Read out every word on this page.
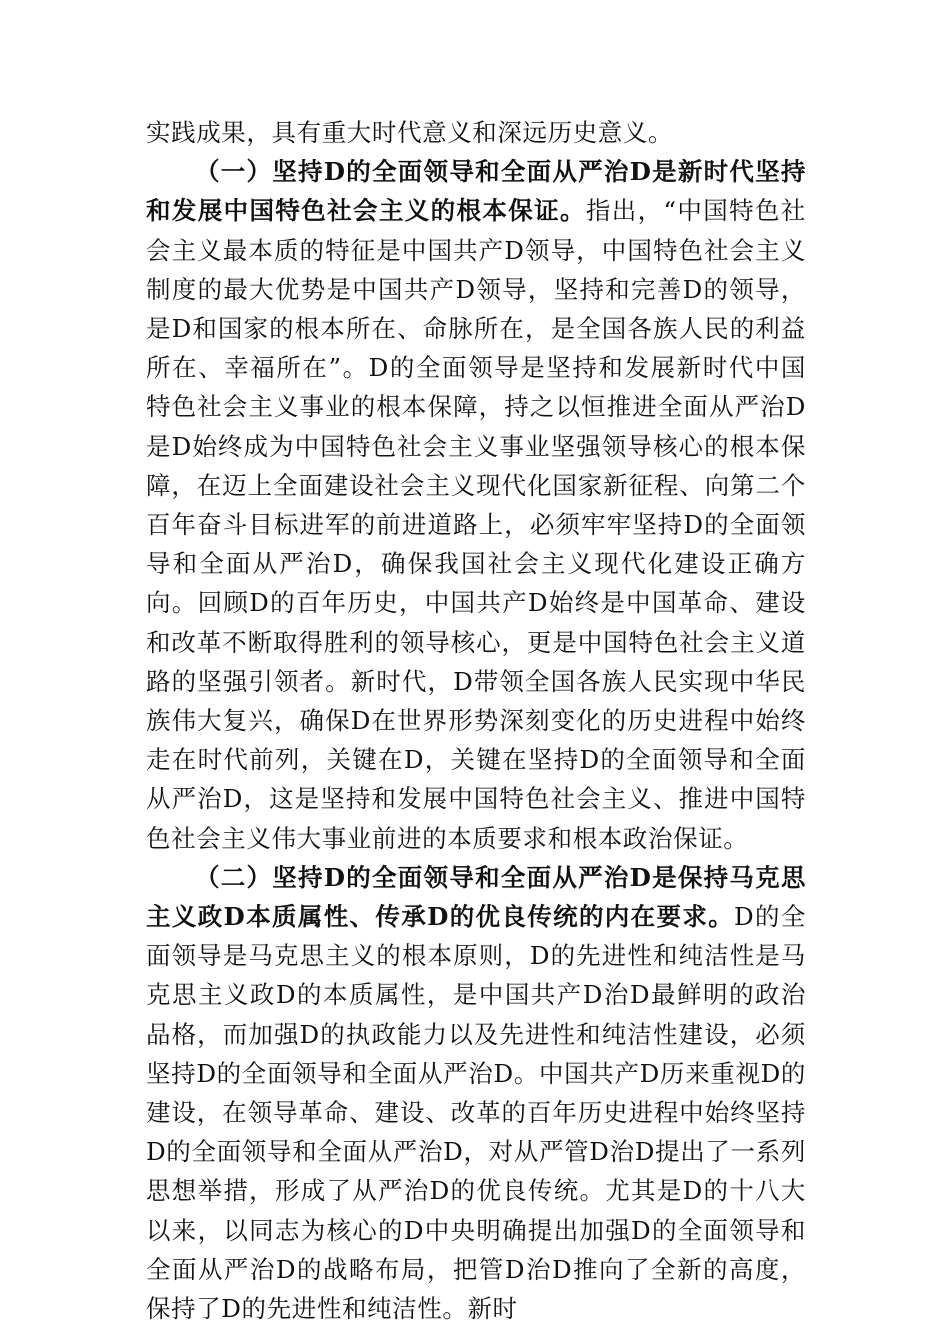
实践成果，具有重大时代意义和深远历史意义。

（一）坚持D的全面领导和全面从严治D是新时代坚持和发展中国特色社会主义的根本保证。指出，“中国特色社会主义最本质的特征是中国共产D领导，中国特色社会主义制度的最大优势是中国共产D领导，坚持和完善D的领导，是D和国家的根本所在、命脉所在，是全国各族人民的利益所在、幸福所在”。D的全面领导是坚持和发展新时代中国特色社会主义事业的根本保障，持之以恒推进全面从严治D是D始终成为中国特色社会主义事业坚强领导核心的根本保障，在迈上全面建设社会主义现代化国家新征程、向第二个百年奋斗目标进军的前进道路上，必须牢牢坚持D的全面领导和全面从严治D，确保我国社会主义现代化建设正确方向。回顾D的百年历史，中国共产D始终是中国革命、建设和改革不断取得胜利的领导核心，更是中国特色社会主义道路的坚强引领者。新时代，D带领全国各族人民实现中华民族伟大复兴，确保D在世界形势深刻变化的历史进程中始终走在时代前列，关键在D，关键在坚持D的全面领导和全面从严治D，这是坚持和发展中国特色社会主义、推进中国特色社会主义伟大事业前进的本质要求和根本政治保证。

（二）坚持D的全面领导和全面从严治D是保持马克思主义政D本质属性、传承D的优良传统的内在要求。D的全面领导是马克思主义的根本原则，D的先进性和纯洁性是马克思主义政D的本质属性，是中国共产D治D最鲜明的政治品格，而加强D的执政能力以及先进性和纯洁性建设，必须坚持D的全面领导和全面从严治D。中国共产D历来重视D的建设，在领导革命、建设、改革的百年历史进程中始终坚持D的全面领导和全面从严治D，对从严管D治D提出了一系列思想举措，形成了从严治D的优良传统。尤其是D的十八大以来，以同志为核心的D中央明确提出加强D的全面领导和全面从严治D的战略布局，把管D治D推向了全新的高度，保持了D的先进性和纯洁性。新时
